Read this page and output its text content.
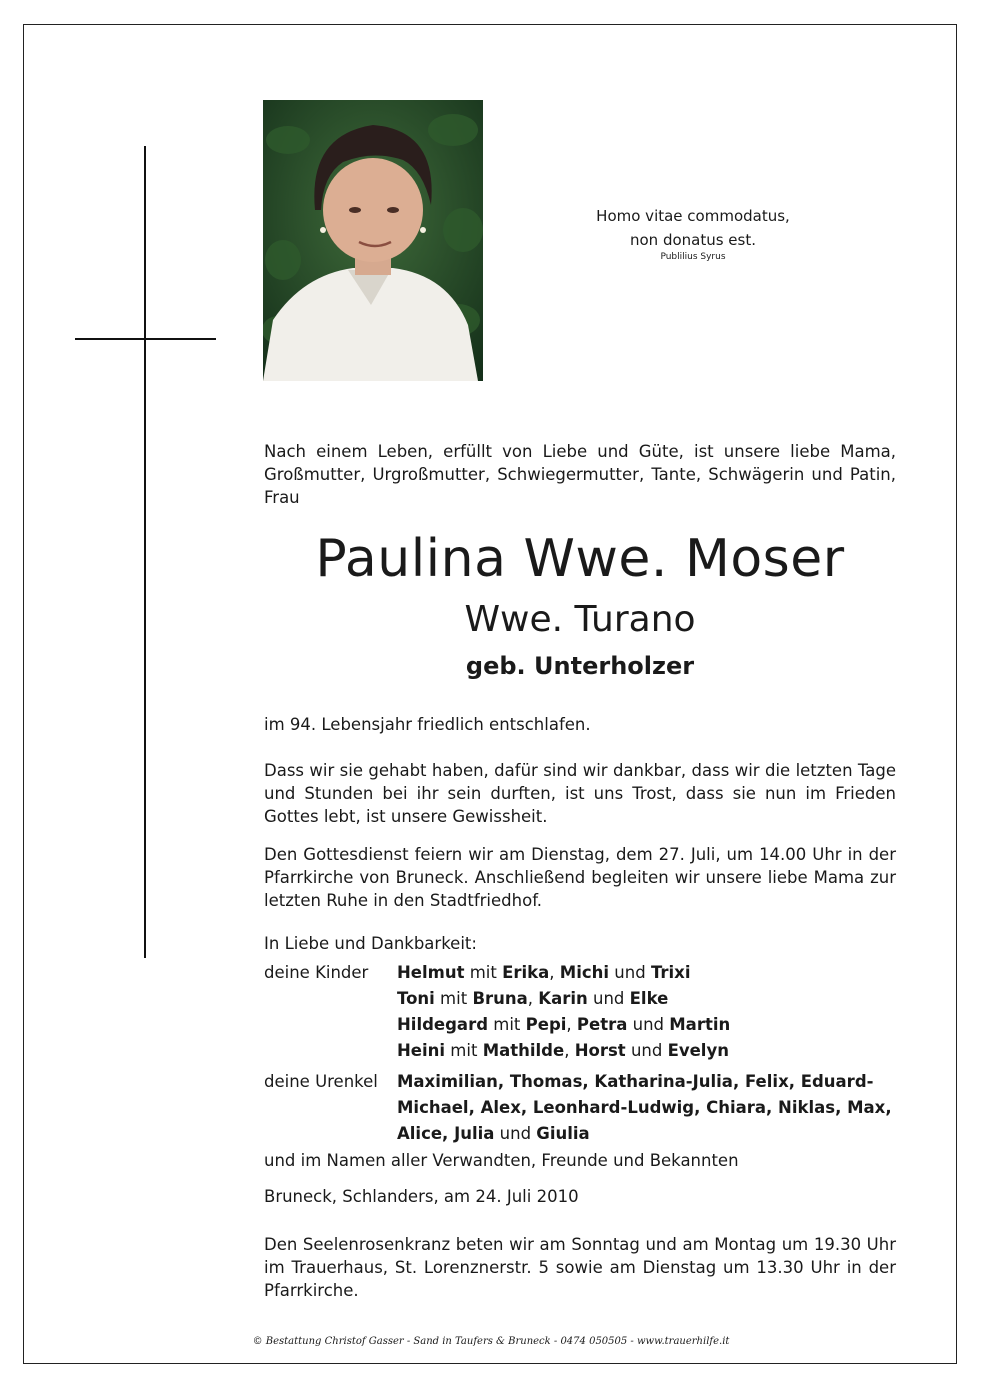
Homo vitae commodatus,
non donatus est.
Publilius Syrus
Nach einem Leben, erfüllt von Liebe und Güte, ist unsere liebe Mama, Großmutter, Urgroßmutter, Schwiegermutter, Tante, Schwägerin und Patin, Frau
Paulina Wwe. Moser
Wwe. Turano
geb. Unterholzer
im 94. Lebensjahr friedlich entschlafen.
Dass wir sie gehabt haben, dafür sind wir dankbar, dass wir die letzten Tage und Stunden bei ihr sein durften, ist uns Trost, dass sie nun im Frieden Gottes lebt, ist unsere Gewissheit.
Den Gottesdienst feiern wir am Dienstag, dem 27. Juli, um 14.00 Uhr in der Pfarrkirche von Bruneck. Anschließend begleiten wir unsere liebe Mama zur letzten Ruhe in den Stadtfriedhof.
In Liebe und Dankbarkeit:
deine Kinder Helmut mit Erika, Michi und Trixi
Toni mit Bruna, Karin und Elke
Hildegard mit Pepi, Petra und Martin
Heini mit Mathilde, Horst und Evelyn
deine Urenkel Maximilian, Thomas, Katharina-Julia, Felix, Eduard-Michael, Alex, Leonhard-Ludwig, Chiara, Niklas, Max, Alice, Julia und Giulia
und im Namen aller Verwandten, Freunde und Bekannten
Bruneck, Schlanders, am 24. Juli 2010
Den Seelenrosenkranz beten wir am Sonntag und am Montag um 19.30 Uhr im Trauerhaus, St. Lorenznerstr. 5 sowie am Dienstag um 13.30 Uhr in der Pfarrkirche.
© Bestattung Christof Gasser - Sand in Taufers & Bruneck - 0474 050505 - www.trauerhilfe.it
